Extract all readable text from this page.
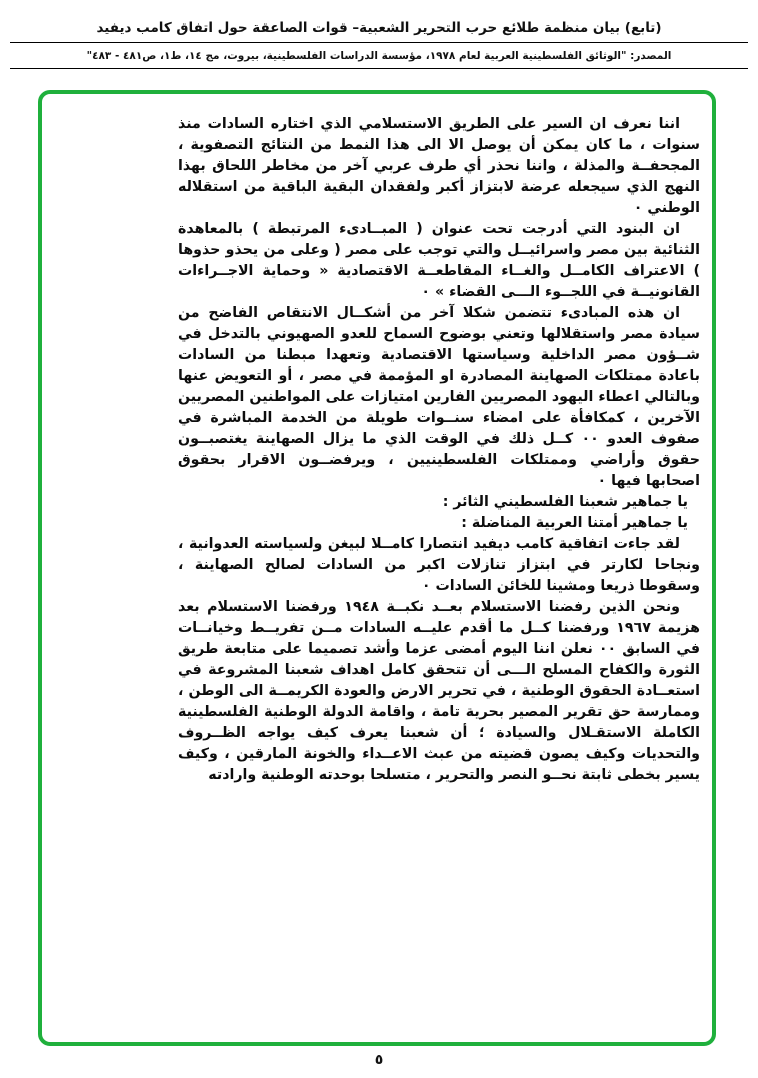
(تابع) بيان منظمة طلائع حرب التحرير الشعبية– قوات الصاعقة حول اتفاق كامب ديفيد
المصدر: "الوثائق الفلسطينية العربية لعام ١٩٧٨، مؤسسة الدراسات الفلسطينية، بيروت، مج ١٤، ط١، ص٤٨١ - ٤٨٣"

اننا نعرف ان السير على الطريق الاستسلامي الذي اختاره السادات منذ سنوات ، ما كان يمكن أن يوصل الا الى هذا النمط من النتائج التصفوية ، المجحفــة والمذلة ، واننا نحذر أي طرف عربي آخر من مخاطر اللحاق بهذا النهج الذي سيجعله عرضة لابتزاز أكبر ولفقدان البقية الباقية من استقلاله الوطني ٠

ان البنود التي أدرجت تحت عنوان ( المبــادىء المرتبطة ) بالمعاهدة الثنائية بين مصر واسرائيــل والتي توجب على مصر ( وعلى من يحذو حذوها ) الاعتراف الكامــل والغــاء المقاطعــة الاقتصادية « وحماية الاجــراءات القانونيــة في اللجــوء الـــى القضاء » ٠

ان هذه المبادىء تتضمن شكلا آخر من أشكــال الانتقاص الفاضح من سيادة مصر واستقلالها وتعني بوضوح السماح للعدو الصهيوني بالتدخل في شــؤون مصر الداخلية وسياستها الاقتصادية وتعهدا مبطنا من السادات باعادة ممتلكات الصهاينة المصادرة او المؤممة في مصر ، أو التعويض عنها وبالتالي اعطاء اليهود المصريين الفارين امتيازات على المواطنين المصريين الآخرين ، كمكافأة على امضاء سنــوات طويلة من الخدمة المباشرة في صفوف العدو ٠٠ كــل ذلك في الوقت الذي ما يزال الصهاينة يغتصبــون حقوق وأراضي وممتلكات الفلسطينيين ، ويرفضــون الاقرار بحقوق اصحابها فيها ٠

يا جماهير شعبنا الفلسطيني الثائر :

يا جماهير أمتنا العربية المناضلة :

لقد جاءت اتفاقية كامب ديفيد انتصارا كامــلا لبيغن ولسياسته العدوانية ، ونجاحا لكارتر في ابتزاز تنازلات اكبر من السادات لصالح الصهاينة ، وسقوطا ذريعا ومشينا للخائن السادات ٠

ونحن الذين رفضنا الاستسلام بعــد نكبــة ١٩٤٨ ورفضنا الاستسلام بعد هزيمة ١٩٦٧ ورفضنا كــل ما أقدم عليــه السادات مــن تفريــط وخيانــات في السابق ٠٠ نعلن اننا اليوم أمضى عزما وأشد تصميما على متابعة طريق الثورة والكفاح المسلح الـــى أن تتحقق كامل اهداف شعبنا المشروعة في استعــادة الحقوق الوطنية ، في تحرير الارض والعودة الكريمــة الى الوطن ، وممارسة حق تقرير المصير بحرية تامة ، واقامة الدولة الوطنية الفلسطينية الكاملة الاستقـلال والسيادة ؛ أن شعبنا يعرف كيف يواجه الظــروف والتحديات وكيف يصون قضيته من عبث الاعــداء والخونة المارقين ، وكيف يسير بخطى ثابتة نحــو النصر والتحرير ، متسلحا بوحدته الوطنية وارادته

٥
